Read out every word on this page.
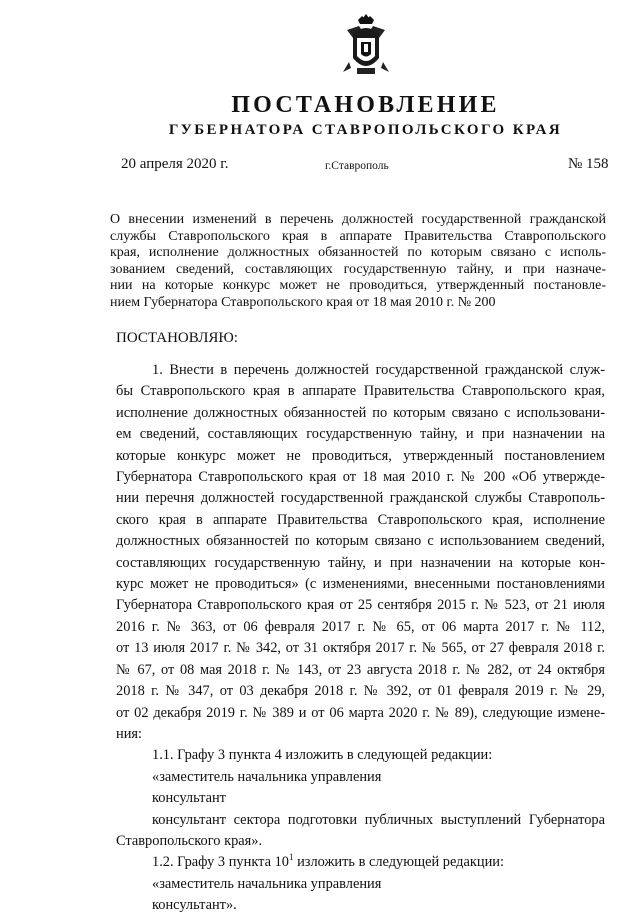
ПОСТАНОВЛЕНИЕ
ГУБЕРНАТОРА СТАВРОПОЛЬСКОГО КРАЯ
20 апреля 2020 г.	г.Ставрополь	№ 158
О внесении изменений в перечень должностей государственной гражданской
службы Ставропольского края в аппарате Правительства Ставропольского
края, исполнение должностных обязанностей по которым связано с исполь-
зованием сведений, составляющих государственную тайну, и при назначе-
нии на которые конкурс может не проводиться, утвержденный постановле-
нием Губернатора Ставропольского края от 18 мая 2010 г. № 200
ПОСТАНОВЛЯЮ:
1. Внести в перечень должностей государственной гражданской служ-
бы Ставропольского края в аппарате Правительства Ставропольского края,
исполнение должностных обязанностей по которым связано с использовани-
ем сведений, составляющих государственную тайну, и при назначении на
которые конкурс может не проводиться, утвержденный постановлением
Губернатора Ставропольского края от 18 мая 2010 г. № 200 «Об утвержде-
нии перечня должностей государственной гражданской службы Ставрополь-
ского края в аппарате Правительства Ставропольского края, исполнение
должностных обязанностей по которым связано с использованием сведений,
составляющих государственную тайну, и при назначении на которые кон-
курс может не проводиться» (с изменениями, внесенными постановлениями
Губернатора Ставропольского края от 25 сентября 2015 г. № 523, от 21 июля
2016 г. № 363, от 06 февраля 2017 г. № 65, от 06 марта 2017 г. № 112,
от 13 июля 2017 г. № 342, от 31 октября 2017 г. № 565, от 27 февраля 2018 г.
№ 67, от 08 мая 2018 г. № 143, от 23 августа 2018 г. № 282, от 24 октября
2018 г. № 347, от 03 декабря 2018 г. № 392, от 01 февраля 2019 г. № 29,
от 02 декабря 2019 г. № 389 и от 06 марта 2020 г. № 89), следующие измене-
ния:
1.1. Графу 3 пункта 4 изложить в следующей редакции:
«заместитель начальника управления
консультант
консультант сектора подготовки публичных выступлений Губернатора
Ставропольского края».
1.2. Графу 3 пункта $10^1$ изложить в следующей редакции:
«заместитель начальника управления
консультант».
